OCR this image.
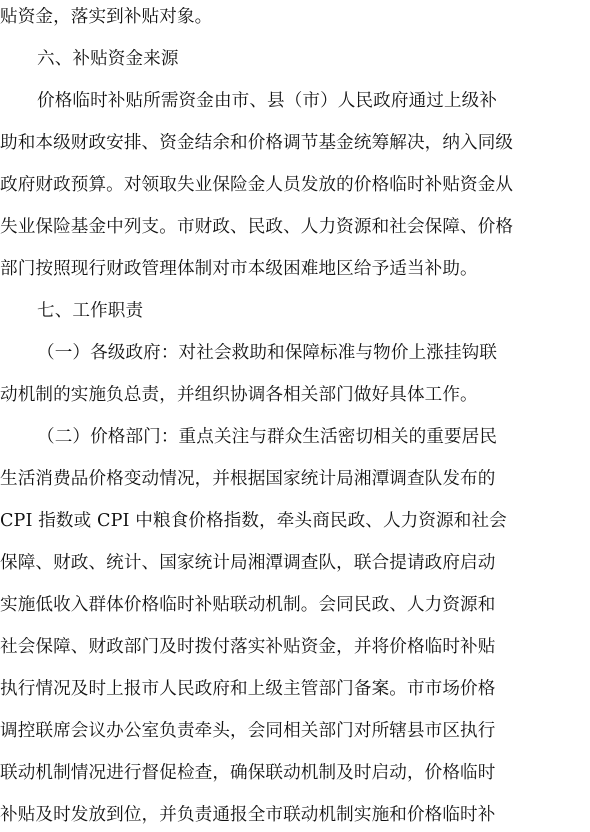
贴资金，落实到补贴对象。
六、补贴资金来源
价格临时补贴所需资金由市、县（市）人民政府通过上级补
助和本级财政安排、资金结余和价格调节基金统筹解决，纳入同级
政府财政预算。对领取失业保险金人员发放的价格临时补贴资金从
失业保险基金中列支。市财政、民政、人力资源和社会保障、价格
部门按照现行财政管理体制对市本级困难地区给予适当补助。
七、工作职责
（一）各级政府：对社会救助和保障标准与物价上涨挂钩联
动机制的实施负总责，并组织协调各相关部门做好具体工作。
（二）价格部门：重点关注与群众生活密切相关的重要居民
生活消费品价格变动情况，并根据国家统计局湘潭调查队发布的
CPI 指数或 CPI 中粮食价格指数，牵头商民政、人力资源和社会
保障、财政、统计、国家统计局湘潭调查队，联合提请政府启动
实施低收入群体价格临时补贴联动机制。会同民政、人力资源和
社会保障、财政部门及时拨付落实补贴资金，并将价格临时补贴
执行情况及时上报市人民政府和上级主管部门备案。市市场价格
调控联席会议办公室负责牵头，会同相关部门对所辖县市区执行
联动机制情况进行督促检查，确保联动机制及时启动，价格临时
补贴及时发放到位，并负责通报全市联动机制实施和价格临时补
